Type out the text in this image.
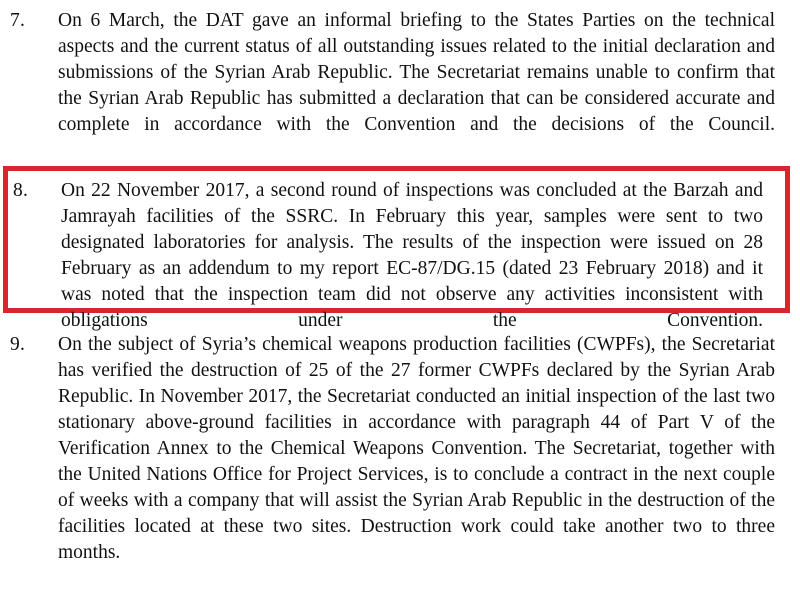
7.	On 6 March, the DAT gave an informal briefing to the States Parties on the technical aspects and the current status of all outstanding issues related to the initial declaration and submissions of the Syrian Arab Republic. The Secretariat remains unable to confirm that the Syrian Arab Republic has submitted a declaration that can be considered accurate and complete in accordance with the Convention and the decisions of the Council.
8.	On 22 November 2017, a second round of inspections was concluded at the Barzah and Jamrayah facilities of the SSRC. In February this year, samples were sent to two designated laboratories for analysis. The results of the inspection were issued on 28 February as an addendum to my report EC-87/DG.15 (dated 23 February 2018) and it was noted that the inspection team did not observe any activities inconsistent with obligations under the Convention.
9.	On the subject of Syria’s chemical weapons production facilities (CWPFs), the Secretariat has verified the destruction of 25 of the 27 former CWPFs declared by the Syrian Arab Republic. In November 2017, the Secretariat conducted an initial inspection of the last two stationary above-ground facilities in accordance with paragraph 44 of Part V of the Verification Annex to the Chemical Weapons Convention. The Secretariat, together with the United Nations Office for Project Services, is to conclude a contract in the next couple of weeks with a company that will assist the Syrian Arab Republic in the destruction of the facilities located at these two sites. Destruction work could take another two to three months.
